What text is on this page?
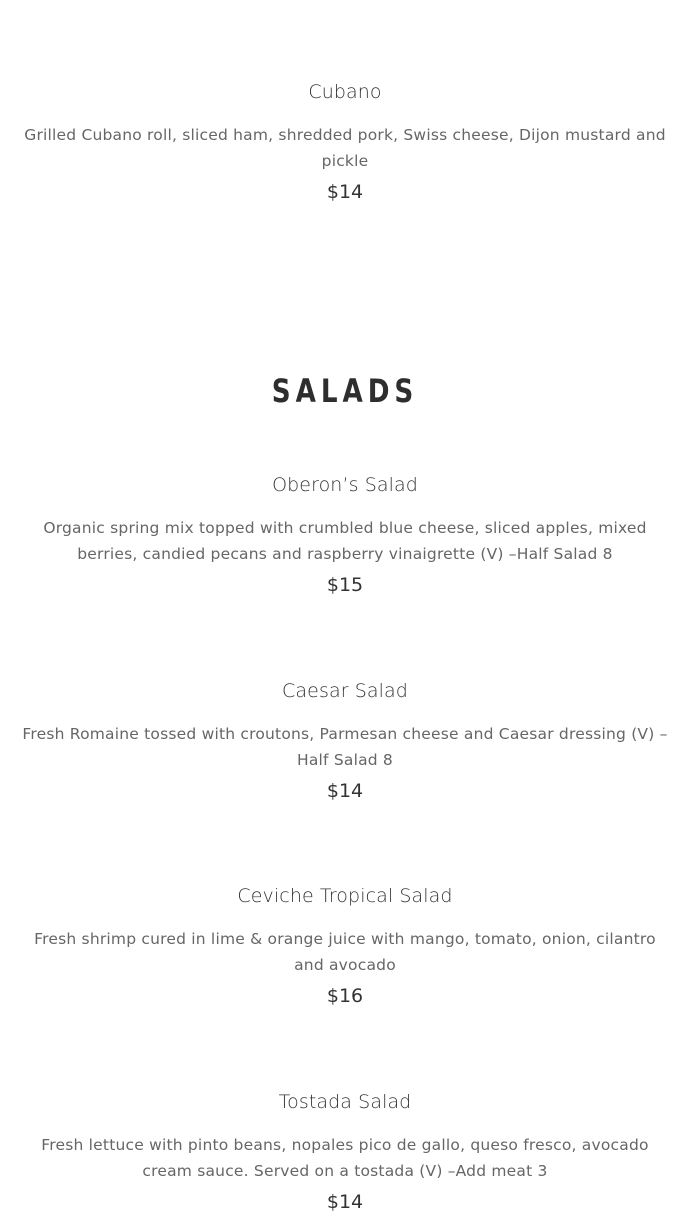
Cubano

Grilled Cubano roll, sliced ham, shredded pork, Swiss cheese, Dijon mustard and pickle

$14

SALADS
Oberon’s Salad

Organic spring mix topped with crumbled blue cheese, sliced apples, mixed berries, candied pecans and raspberry vinaigrette (V) –Half Salad 8

$15

Caesar Salad

Fresh Romaine tossed with croutons, Parmesan cheese and Caesar dressing (V) –Half Salad 8

$14

Ceviche Tropical Salad

Fresh shrimp cured in lime & orange juice with mango, tomato, onion, cilantro and avocado

$16

Tostada Salad

Fresh lettuce with pinto beans, nopales pico de gallo, queso fresco, avocado cream sauce. Served on a tostada (V) –Add meat 3

$14
